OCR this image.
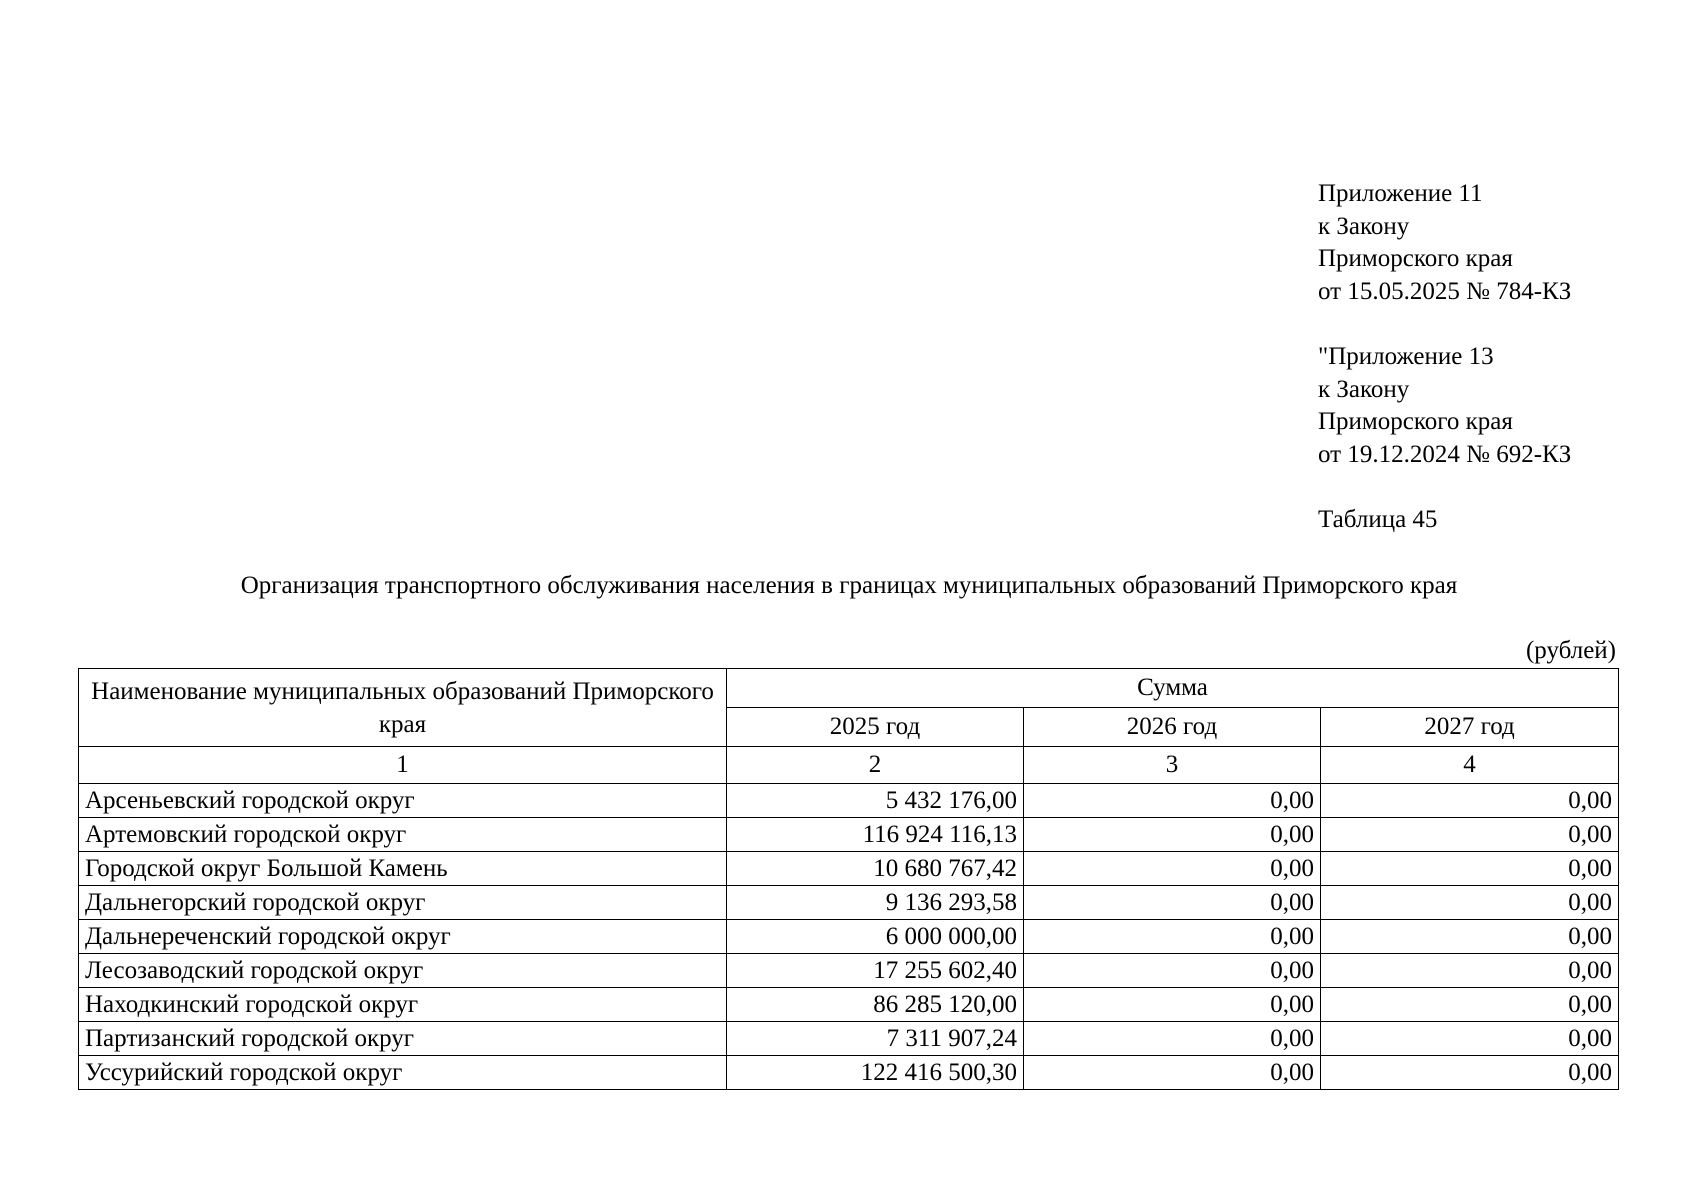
Приложение 11
к Закону
Приморского края
от 15.05.2025 № 784-КЗ
"Приложение 13
к Закону
Приморского края
от 19.12.2024 № 692-КЗ
Таблица 45
Организация транспортного обслуживания населения в границах муниципальных образований Приморского края
(рублей)
Наименование муниципальных образований Приморского края	Сумма		
	2025 год	2026 год	2027 год
1	2	3	4
Арсеньевский городской округ	5 432 176,00	0,00	0,00
Артемовский городской округ	116 924 116,13	0,00	0,00
Городской округ Большой Камень	10 680 767,42	0,00	0,00
Дальнегорский городской округ	9 136 293,58	0,00	0,00
Дальнереченский городской округ	6 000 000,00	0,00	0,00
Лесозаводский городской округ	17 255 602,40	0,00	0,00
Находкинский городской округ	86 285 120,00	0,00	0,00
Партизанский городской округ	7 311 907,24	0,00	0,00
Уссурийский городской округ	122 416 500,30	0,00	0,00
